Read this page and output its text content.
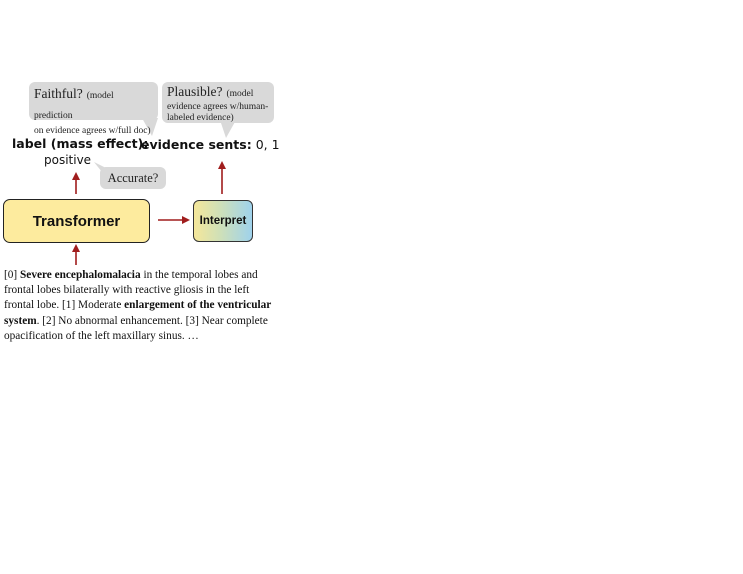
Faithful? (model prediction
on evidence agrees w/full doc)
Plausible? (model
evidence agrees w/human-
labeled evidence)
label (mass effect):
positive
evidence sents: 0, 1
Accurate?
Transformer	Interpret
[0] Severe encephalomalacia in the temporal lobes and
frontal lobes bilaterally with reactive gliosis in the left
frontal lobe. [1] Moderate enlargement of the ventricular
system. [2] No abnormal enhancement. [3] Near complete
opacification of the left maxillary sinus. …
